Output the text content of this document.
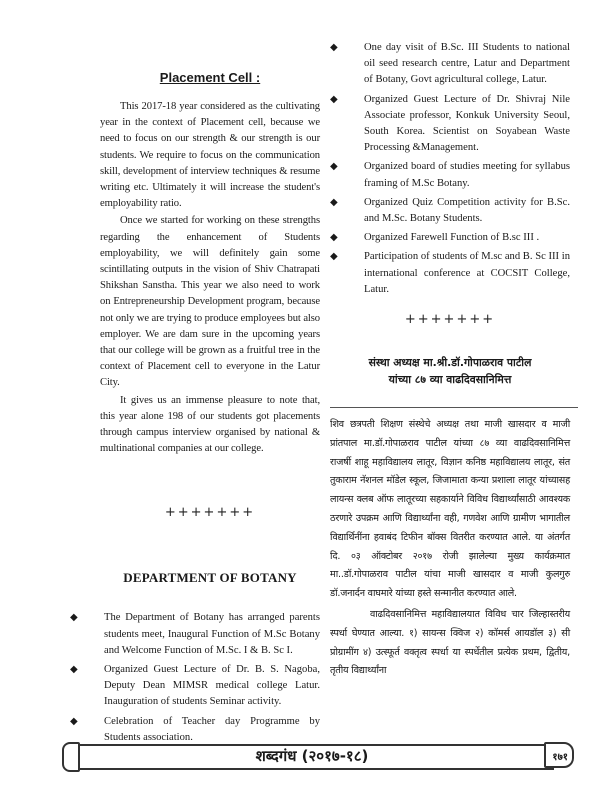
Placement Cell :

This 2017-18 year considered as the cultivating year in the context of Placement cell, because we need to focus on our strength & our strength is our students. We require to focus on the communication skill, development of interview techniques & resume writing etc. Ultimately it will increase the student's employability ratio.

Once we started for working on these strengths regarding the enhancement of Students employability, we will definitely gain some scintillating outputs in the vision of Shiv Chatrapati Shikshan Sanstha. This year we also need to work on Entrepreneurship Development program, because not only we are trying to produce employees but also employer. We are dam sure in the upcoming years that our college will be grown as a fruitful tree in the context of Placement cell to everyone in the Latur City.

It gives us an immense pleasure to note that, this year alone 198 of our students got placements through campus interview organised by national & multinational companies at our college.

+++++++

DEPARTMENT OF BOTANY
◆ The Department of Botany has arranged parents students meet, Inaugural Function of M.Sc Botany and Welcome Function of M.Sc. I & B. Sc I.
◆ Organized Guest Lecture of Dr. B. S. Nagoba, Deputy Dean MIMSR medical college Latur. Inauguration of students Seminar activity.
◆ Celebration of Teacher day Programme by Students association.
◆ One day visit of B.Sc. III Students to national oil seed research centre, Latur and Department of Botany, Govt agricultural college, Latur.
◆ Organized Guest Lecture of Dr. Shivraj Nile Associate professor, Konkuk University Seoul, South Korea. Scientist on Soyabean Waste Processing &Management.
◆ Organized board of studies meeting for syllabus framing of M.Sc Botany.
◆ Organized Quiz Competition activity for B.Sc. and M.Sc. Botany Students.
◆ Organized Farewell Function of B.sc III .
◆ Participation of students of M.sc and B. Sc III in international conference at COCSIT College, Latur.

+++++++

संस्था अध्यक्ष मा.श्री.डॉ.गोपाळराव पाटील

यांच्या ८७ व्या वाढदिवसानिमित्त

शिव छत्रपती शिक्षण संस्थेचे अध्यक्ष तथा माजी खासदार व माजी प्रांतपाल मा.डॉ.गोपाळराव पाटील यांच्या ८७ व्या वाढदिवसानिमित्त राजर्षी शाहू महाविद्यालय लातूर, विज्ञान कनिष्ठ महाविद्यालय लातूर, संत तुकाराम नॅशनल मॉडेल स्कूल, जिजामाता कन्या प्रशाला लातूर यांच्यासह लायन्स क्लब ऑफ लातूरच्या सहकार्याने विविध विद्यार्थ्यांसाठी आवश्यक ठरणारे उपक्रम आणि विद्यार्थ्यांना वही, गणवेश आणि ग्रामीण भागातील विद्यार्थिनींना हवाबंद टिफीन बॉक्स वितरीत करण्यात आले. या अंतर्गत दि. ०३ ऑक्टोबर २०१७ रोजी झालेल्या मुख्य कार्यक्रमात मा..डॉ.गोपाळराव पाटील यांचा माजी खासदार व माजी कुलगुरु डॉ.जनार्दन वाघमारे यांच्या हस्ते सन्मानीत करण्यात आले.

वाढदिवसानिमित्त महाविद्यालयात विविध चार जिल्हास्तरीय स्पर्धा घेण्यात आल्या. १) सायन्स क्विज २) कॉमर्स आयडॉल ३) सी प्रोग्रामींग ४) उत्स्फूर्त वक्तृत्व स्पर्धा या स्पर्धेतील प्रत्येक प्रथम, द्वितीय, तृतीय विद्यार्थ्यांना

शब्दगंध (२०१७-१८)	१७१
